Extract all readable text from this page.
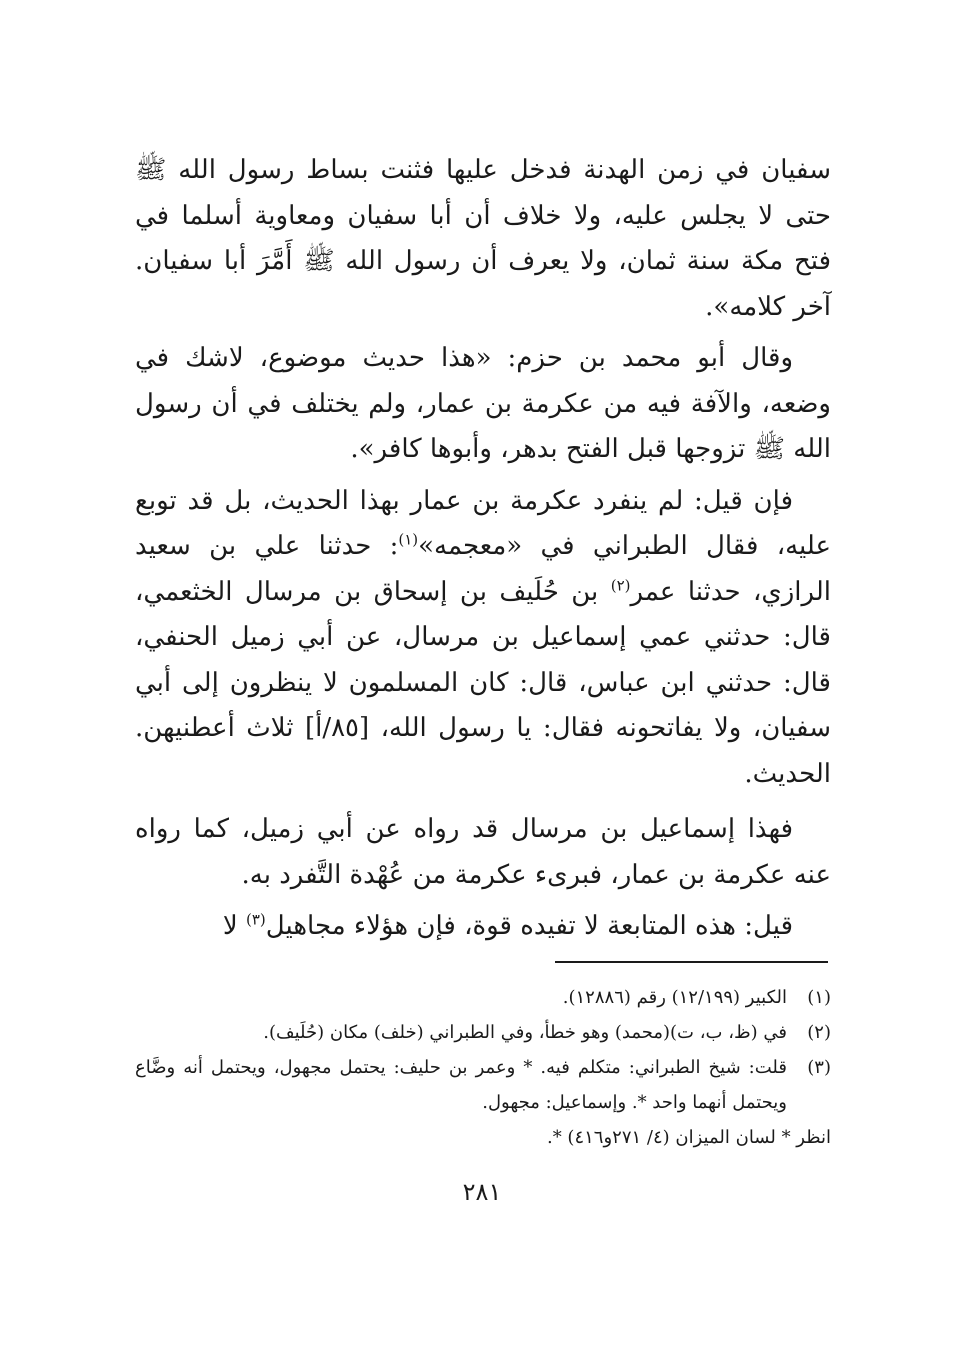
سفيان في زمن الهدنة فدخل عليها فثنت بساط رسول الله ﷺ حتى لا يجلس عليه، ولا خلاف أن أبا سفيان ومعاوية أسلما في فتح مكة سنة ثمان، ولا يعرف أن رسول الله ﷺ أَمَّرَ أبا سفيان. آخر كلامه».

وقال أبو محمد بن حزم: «هذا حديث موضوع، لاشك في وضعه، والآفة فيه من عكرمة بن عمار، ولم يختلف في أن رسول الله ﷺ تزوجها قبل الفتح بدهر، وأبوها كافر».

فإن قيل: لم ينفرد عكرمة بن عمار بهذا الحديث، بل قد توبع عليه، فقال الطبراني في «معجمه»$^{(١)}$: حدثنا علي بن سعيد الرازي، حدثنا عمر$^{(٢)}$ بن حُلَيف بن إسحاق بن مرسال الخثعمي، قال: حدثني عمي إسماعيل بن مرسال، عن أبي زميل الحنفي، قال: حدثني ابن عباس، قال: كان المسلمون لا ينظرون إلى أبي سفيان، ولا يفاتحونه فقال: يا رسول الله، [٨٥/أ] ثلاث أعطنيهن. الحديث.

فهذا إسماعيل بن مرسال قد رواه عن أبي زميل، كما رواه عنه عكرمة بن عمار، فبرىء عكرمة من عُهْدة التَّفرد به.

قيل: هذه المتابعة لا تفيده قوة، فإن هؤلاء مجاهيل$^{(٣)}$ لا

(١)
الكبير (١٢/١٩٩) رقم (١٢٨٨٦).
(٢)
في (ظ، ب، ت)(محمد) وهو خطأ، وفي الطبراني (خلف) مكان (حُلَيف).
(٣)
قلت: شيخ الطبراني: متكلم فيه. * وعمر بن حليف: يحتمل مجهول، ويحتمل أنه وضَّاع ويحتمل أنهما واحد *. وإسماعيل: مجهول.
انظر * لسان الميزان (٤/ ٢٧١و٤١٦) *.
٢٨١
